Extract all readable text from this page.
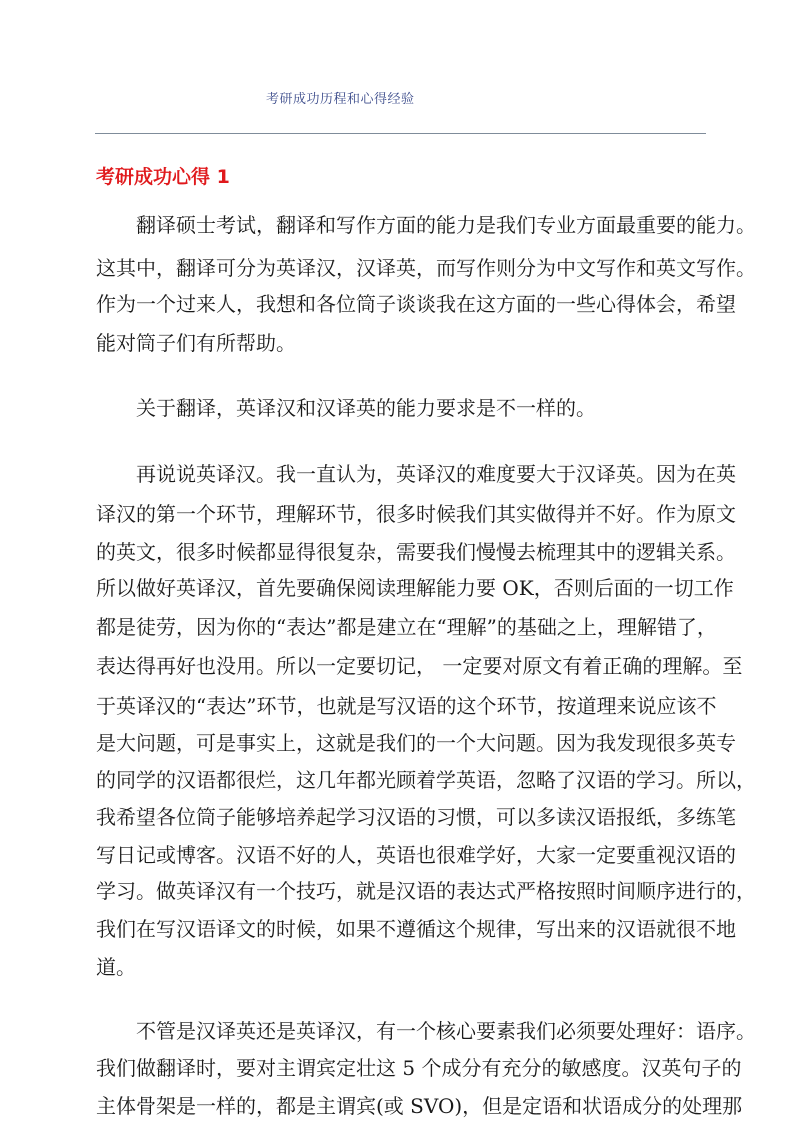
考研成功历程和心得经验
考研成功心得 1
翻译硕士考试，翻译和写作方面的能力是我们专业方面最重要的能力。
这其中，翻译可分为英译汉，汉译英，而写作则分为中文写作和英文写作。
作为一个过来人，我想和各位筒子谈谈我在这方面的一些心得体会，希望
能对筒子们有所帮助。
关于翻译，英译汉和汉译英的能力要求是不一样的。
再说说英译汉。我一直认为，英译汉的难度要大于汉译英。因为在英
译汉的第一个环节，理解环节，很多时候我们其实做得并不好。作为原文
的英文，很多时候都显得很复杂，需要我们慢慢去梳理其中的逻辑关系。
所以做好英译汉，首先要确保阅读理解能力要 OK，否则后面的一切工作
都是徒劳，因为你的“表达”都是建立在“理解”的基础之上，理解错了，
表达得再好也没用。所以一定要切记， 一定要对原文有着正确的理解。至
于英译汉的“表达”环节，也就是写汉语的这个环节，按道理来说应该不
是大问题，可是事实上，这就是我们的一个大问题。因为我发现很多英专
的同学的汉语都很烂，这几年都光顾着学英语，忽略了汉语的学习。所以，
我希望各位筒子能够培养起学习汉语的习惯，可以多读汉语报纸，多练笔
写日记或博客。汉语不好的人，英语也很难学好，大家一定要重视汉语的
学习。做英译汉有一个技巧，就是汉语的表达式严格按照时间顺序进行的，
我们在写汉语译文的时候，如果不遵循这个规律，写出来的汉语就很不地
道。
不管是汉译英还是英译汉，有一个核心要素我们必须要处理好：语序。
我们做翻译时，要对主谓宾定壮这 5 个成分有充分的敏感度。汉英句子的
主体骨架是一样的，都是主谓宾(或 SVO)，但是定语和状语成分的处理那
